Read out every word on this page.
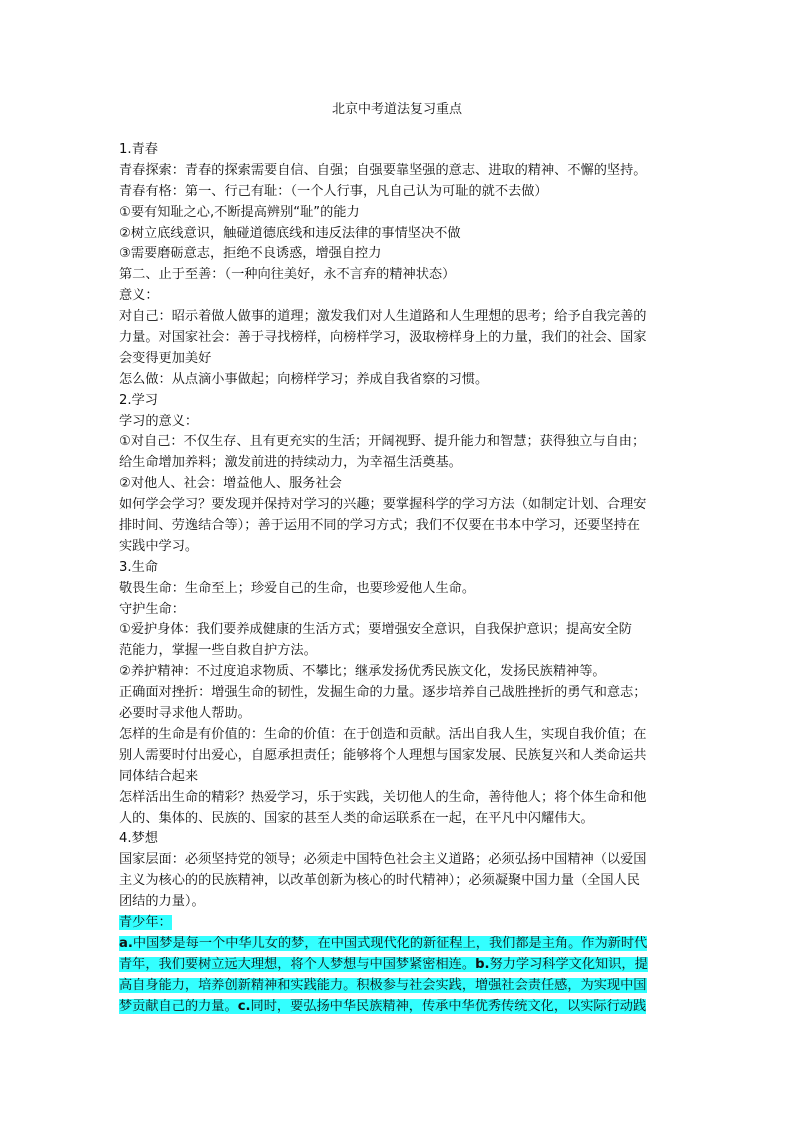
北京中考道法复习重点
1.青春
青春探索：青春的探索需要自信、自强；自强要靠坚强的意志、进取的精神、不懈的坚持。
青春有格：第一、行己有耻：（一个人行事，凡自己认为可耻的就不去做）
①要有知耻之心,不断提高辨别“耻”的能力
②树立底线意识，触碰道德底线和违反法律的事情坚决不做
③需要磨砺意志，拒绝不良诱惑，增强自控力
第二、止于至善：（一种向往美好，永不言弃的精神状态）
意义：
对自己：昭示着做人做事的道理；激发我们对人生道路和人生理想的思考；给予自我完善的
力量。对国家社会：善于寻找榜样，向榜样学习，汲取榜样身上的力量，我们的社会、国家
会变得更加美好
怎么做：从点滴小事做起；向榜样学习；养成自我省察的习惯。
2.学习
学习的意义：
①对自己：不仅生存、且有更充实的生活；开阔视野、提升能力和智慧；获得独立与自由；
给生命增加养料；激发前进的持续动力，为幸福生活奠基。
②对他人、社会：增益他人、服务社会
如何学会学习？要发现并保持对学习的兴趣；要掌握科学的学习方法（如制定计划、合理安
排时间、劳逸结合等）；善于运用不同的学习方式；我们不仅要在书本中学习，还要坚持在
实践中学习。
3.生命
敬畏生命：生命至上；珍爱自己的生命，也要珍爱他人生命。
守护生命：
①爱护身体：我们要养成健康的生活方式；要增强安全意识，自我保护意识；提高安全防
范能力，掌握一些自救自护方法。
②养护精神：不过度追求物质、不攀比；继承发扬优秀民族文化，发扬民族精神等。
正确面对挫折：增强生命的韧性，发掘生命的力量。逐步培养自己战胜挫折的勇气和意志；
必要时寻求他人帮助。
怎样的生命是有价值的：生命的价值：在于创造和贡献。活出自我人生，实现自我价值；在
别人需要时付出爱心，自愿承担责任；能够将个人理想与国家发展、民族复兴和人类命运共
同体结合起来
怎样活出生命的精彩？热爱学习，乐于实践，关切他人的生命，善待他人；将个体生命和他
人的、集体的、民族的、国家的甚至人类的命运联系在一起，在平凡中闪耀伟大。
4.梦想
国家层面：必须坚持党的领导；必须走中国特色社会主义道路；必须弘扬中国精神（以爱国
主义为核心的的民族精神，以改革创新为核心的时代精神）；必须凝聚中国力量（全国人民
团结的力量）。
青少年：
a.中国梦是每一个中华儿女的梦，在中国式现代化的新征程上，我们都是主角。作为新时代
青年，我们要树立远大理想，将个人梦想与中国梦紧密相连。b.努力学习科学文化知识，提
高自身能力，培养创新精神和实践能力。积极参与社会实践，增强社会责任感，为实现中国
梦贡献自己的力量。c.同时，要弘扬中华民族精神，传承中华优秀传统文化，以实际行动践
